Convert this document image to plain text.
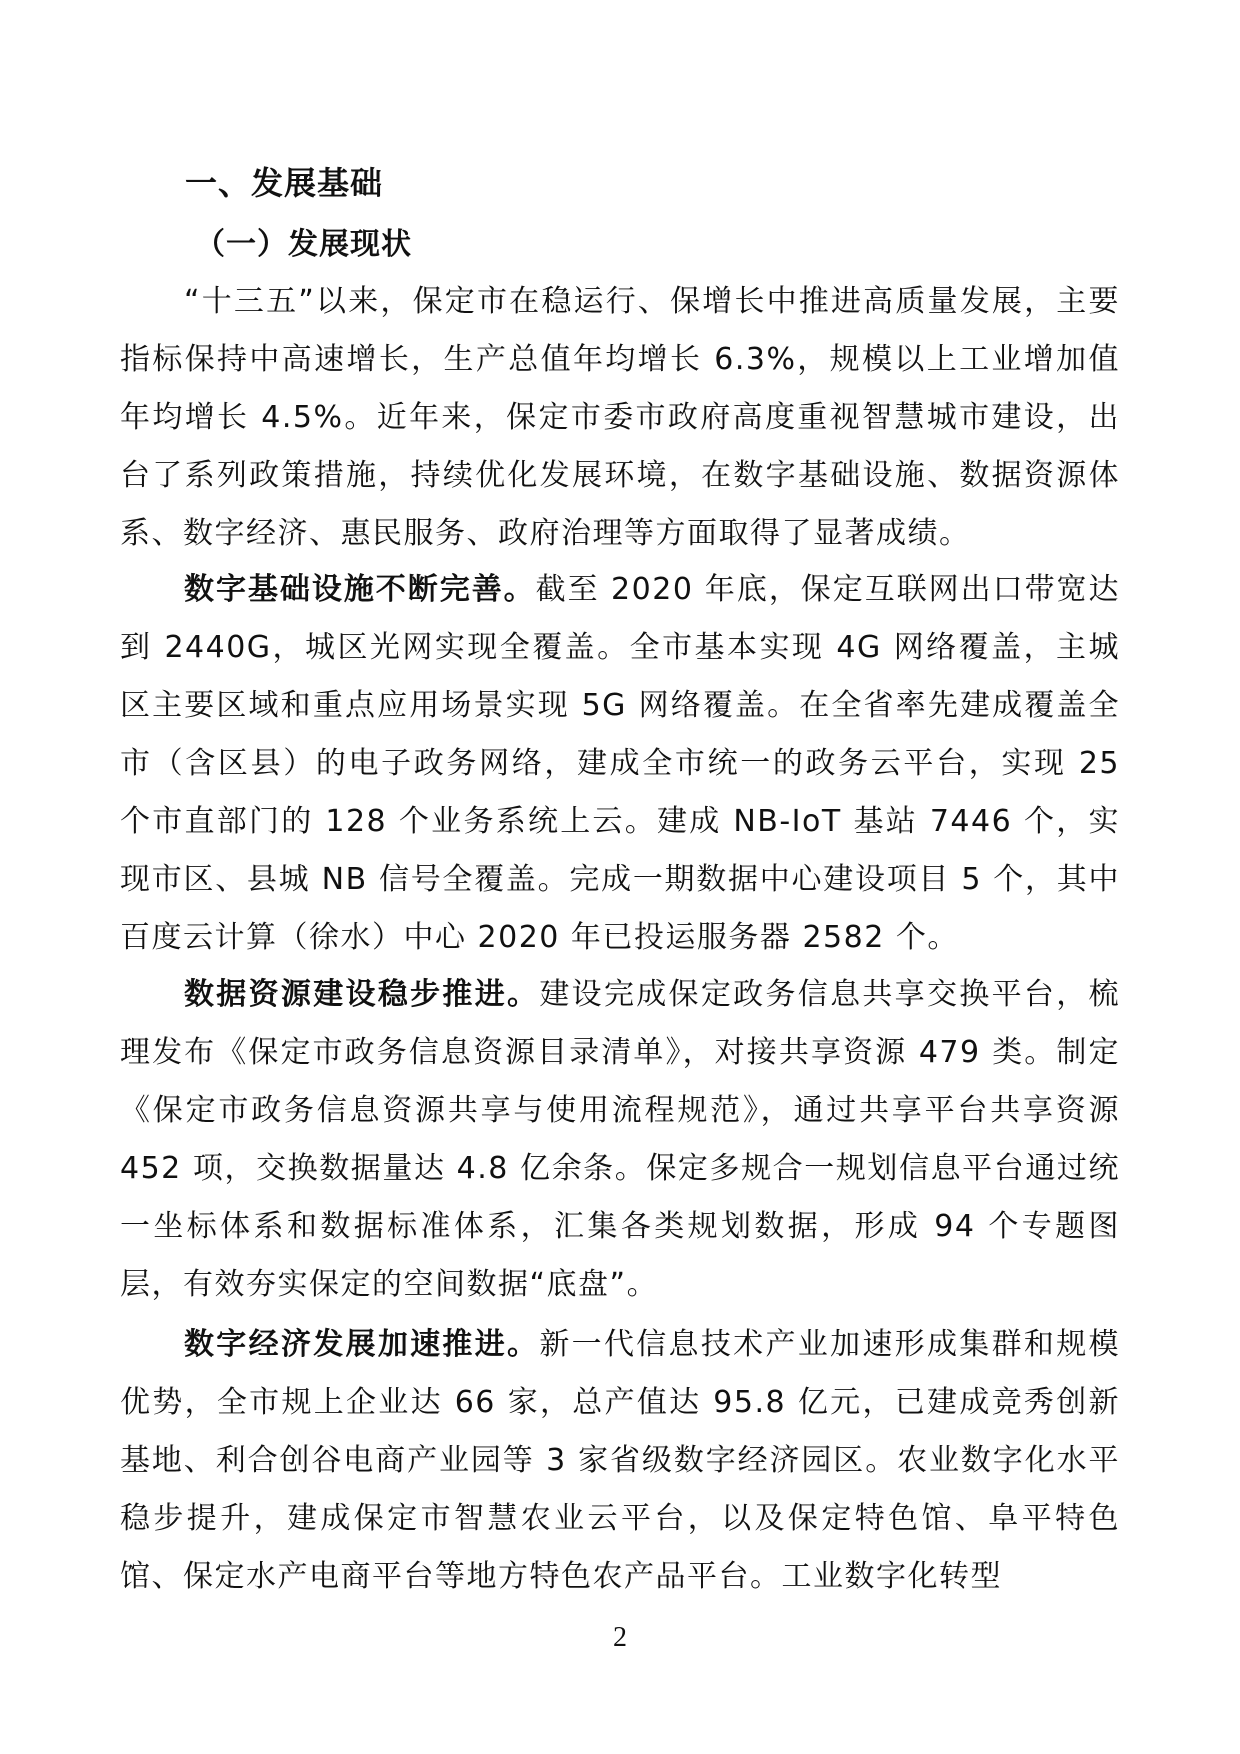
一、发展基础
（一）发展现状

“十三五”以来，保定市在稳运行、保增长中推进高质量发展，主要指标保持中高速增长，生产总值年均增长 6.3%，规模以上工业增加值年均增长 4.5%。近年来，保定市委市政府高度重视智慧城市建设，出台了系列政策措施，持续优化发展环境，在数字基础设施、数据资源体系、数字经济、惠民服务、政府治理等方面取得了显著成绩。

数字基础设施不断完善。截至 2020 年底，保定互联网出口带宽达到 2440G，城区光网实现全覆盖。全市基本实现 4G 网络覆盖，主城区主要区域和重点应用场景实现 5G 网络覆盖。在全省率先建成覆盖全市（含区县）的电子政务网络，建成全市统一的政务云平台，实现 25 个市直部门的 128 个业务系统上云。建成 NB-IoT 基站 7446 个，实现市区、县城 NB 信号全覆盖。完成一期数据中心建设项目 5 个，其中百度云计算（徐水）中心 2020 年已投运服务器 2582 个。

数据资源建设稳步推进。建设完成保定政务信息共享交换平台，梳理发布《保定市政务信息资源目录清单》，对接共享资源 479 类。制定《保定市政务信息资源共享与使用流程规范》，通过共享平台共享资源 452 项，交换数据量达 4.8 亿余条。保定多规合一规划信息平台通过统一坐标体系和数据标准体系，汇集各类规划数据，形成 94 个专题图层，有效夯实保定的空间数据“底盘”。

数字经济发展加速推进。新一代信息技术产业加速形成集群和规模优势，全市规上企业达 66 家，总产值达 95.8 亿元，已建成竞秀创新基地、利合创谷电商产业园等 3 家省级数字经济园区。农业数字化水平稳步提升，建成保定市智慧农业云平台，以及保定特色馆、阜平特色馆、保定水产电商平台等地方特色农产品平台。工业数字化转型

2
